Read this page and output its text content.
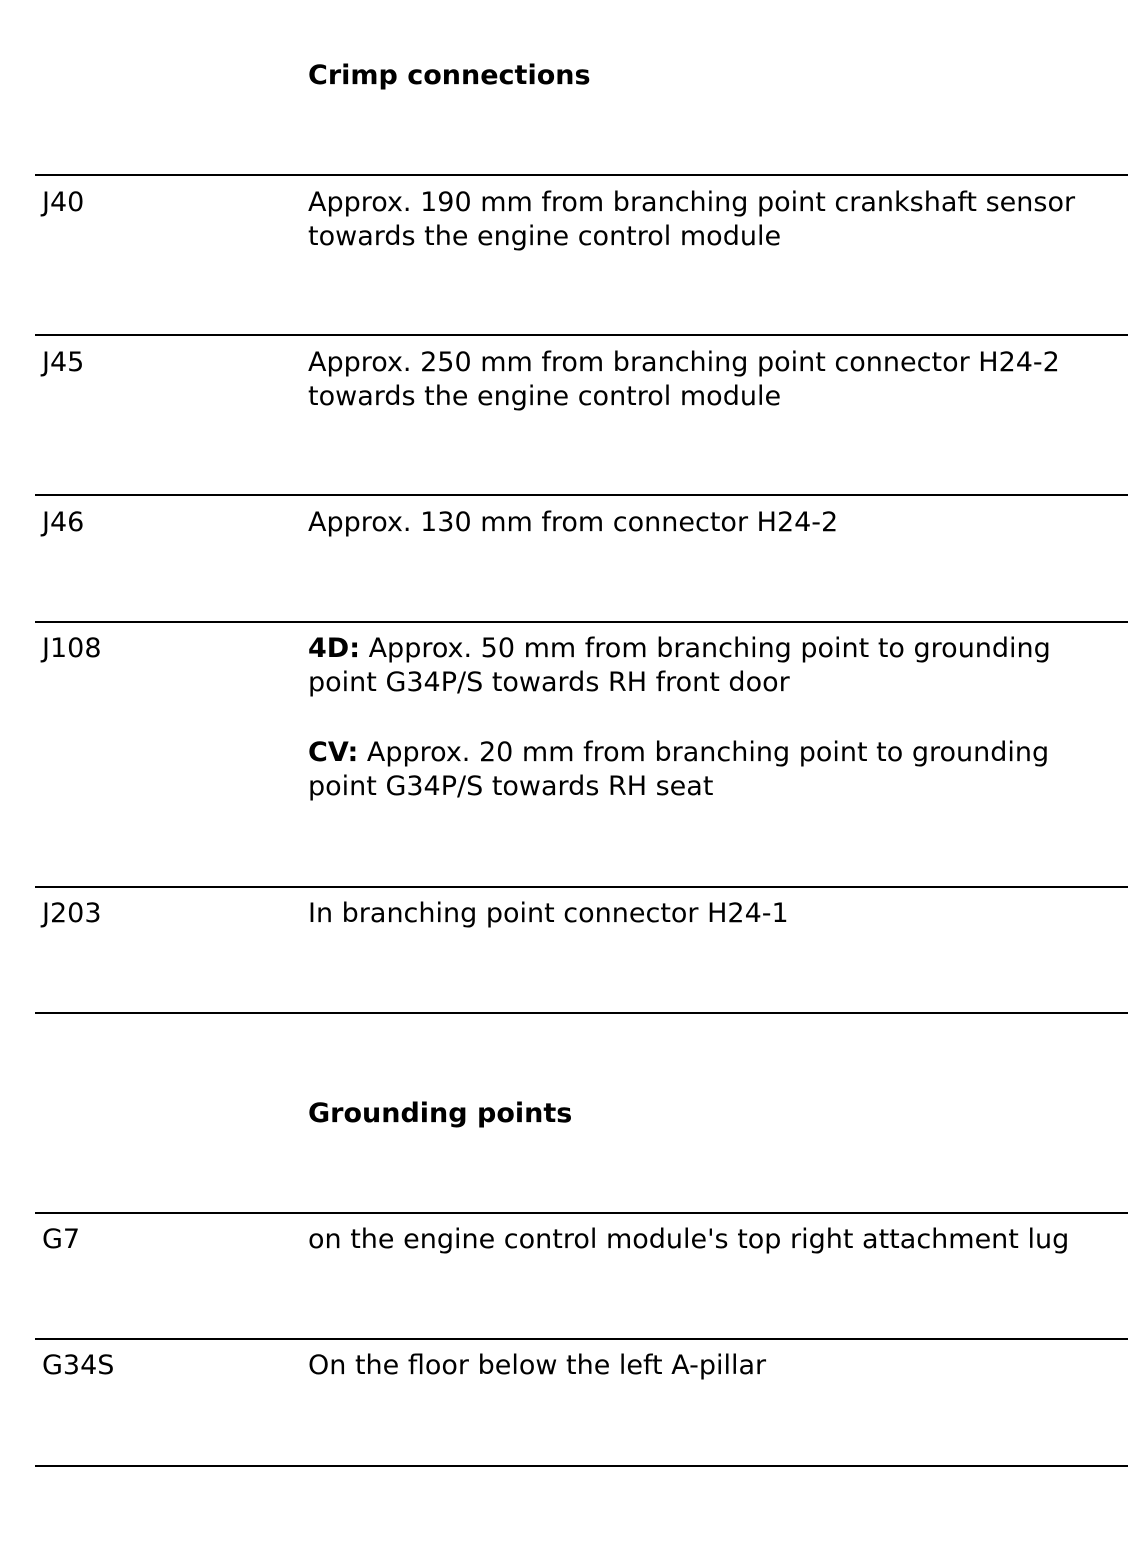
Crimp connections
J40	Approx. 190 mm from branching point crankshaft sensor
towards the engine control module
J45	Approx. 250 mm from branching point connector H24-2
towards the engine control module
J46	Approx. 130 mm from connector H24-2
J108	4D: Approx. 50 mm from branching point to grounding
point G34P/S towards RH front door
CV: Approx. 20 mm from branching point to grounding
point G34P/S towards RH seat
J203	In branching point connector H24-1
Grounding points
G7	on the engine control module's top right attachment lug
G34S	On the floor below the left A-pillar
